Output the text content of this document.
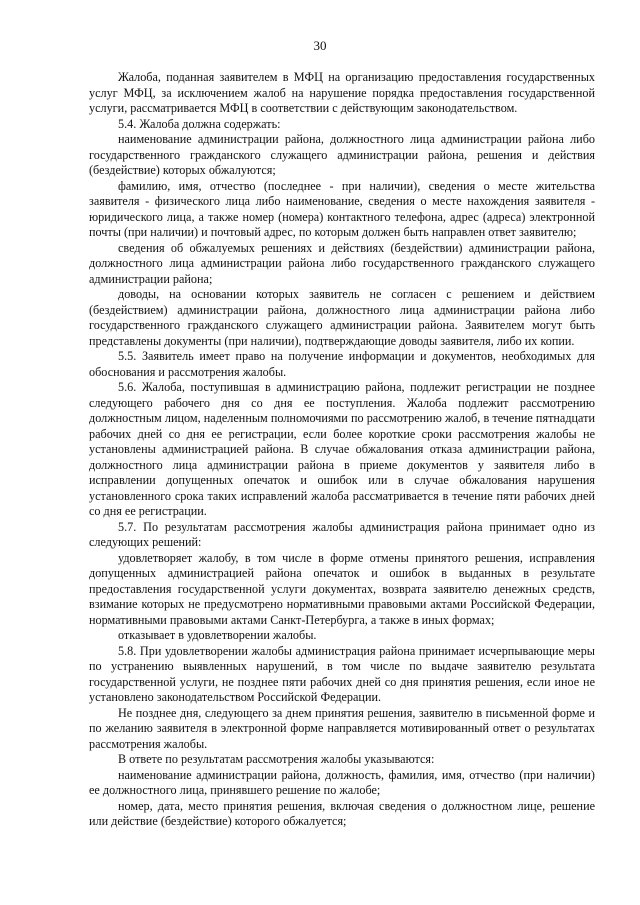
30

Жалоба, поданная заявителем в МФЦ на организацию предоставления государственных услуг МФЦ, за исключением жалоб на нарушение порядка предоставления государственной услуги, рассматривается МФЦ в соответствии с действующим законодательством.

5.4. Жалоба должна содержать:

наименование администрации района, должностного лица администрации района либо государственного гражданского служащего администрации района, решения и действия (бездействие) которых обжалуются;

фамилию, имя, отчество (последнее - при наличии), сведения о месте жительства заявителя - физического лица либо наименование, сведения о месте нахождения заявителя - юридического лица, а также номер (номера) контактного телефона, адрес (адреса) электронной почты (при наличии) и почтовый адрес, по которым должен быть направлен ответ заявителю;

сведения об обжалуемых решениях и действиях (бездействии) администрации района, должностного лица администрации района либо государственного гражданского служащего администрации района;

доводы, на основании которых заявитель не согласен с решением и действием (бездействием) администрации района, должностного лица администрации района либо государственного гражданского служащего администрации района. Заявителем могут быть представлены документы (при наличии), подтверждающие доводы заявителя, либо их копии.

5.5. Заявитель имеет право на получение информации и документов, необходимых для обоснования и рассмотрения жалобы.

5.6. Жалоба, поступившая в администрацию района, подлежит регистрации не позднее следующего рабочего дня со дня ее поступления. Жалоба подлежит рассмотрению должностным лицом, наделенным полномочиями по рассмотрению жалоб, в течение пятнадцати рабочих дней со дня ее регистрации, если более короткие сроки рассмотрения жалобы не установлены администрацией района. В случае обжалования отказа администрации района, должностного лица администрации района в приеме документов у заявителя либо в исправлении допущенных опечаток и ошибок или в случае обжалования нарушения установленного срока таких исправлений жалоба рассматривается в течение пяти рабочих дней со дня ее регистрации.

5.7. По результатам рассмотрения жалобы администрация района принимает одно из следующих решений:

удовлетворяет жалобу, в том числе в форме отмены принятого решения, исправления допущенных администрацией района опечаток и ошибок в выданных в результате предоставления государственной услуги документах, возврата заявителю денежных средств, взимание которых не предусмотрено нормативными правовыми актами Российской Федерации, нормативными правовыми актами Санкт-Петербурга, а также в иных формах;

отказывает в удовлетворении жалобы.

5.8. При удовлетворении жалобы администрация района принимает исчерпывающие меры по устранению выявленных нарушений, в том числе по выдаче заявителю результата государственной услуги, не позднее пяти рабочих дней со дня принятия решения, если иное не установлено законодательством Российской Федерации.

Не позднее дня, следующего за днем принятия решения, заявителю в письменной форме и по желанию заявителя в электронной форме направляется мотивированный ответ о результатах рассмотрения жалобы.

В ответе по результатам рассмотрения жалобы указываются:

наименование администрации района, должность, фамилия, имя, отчество (при наличии) ее должностного лица, принявшего решение по жалобе;

номер, дата, место принятия решения, включая сведения о должностном лице, решение или действие (бездействие) которого обжалуется;
